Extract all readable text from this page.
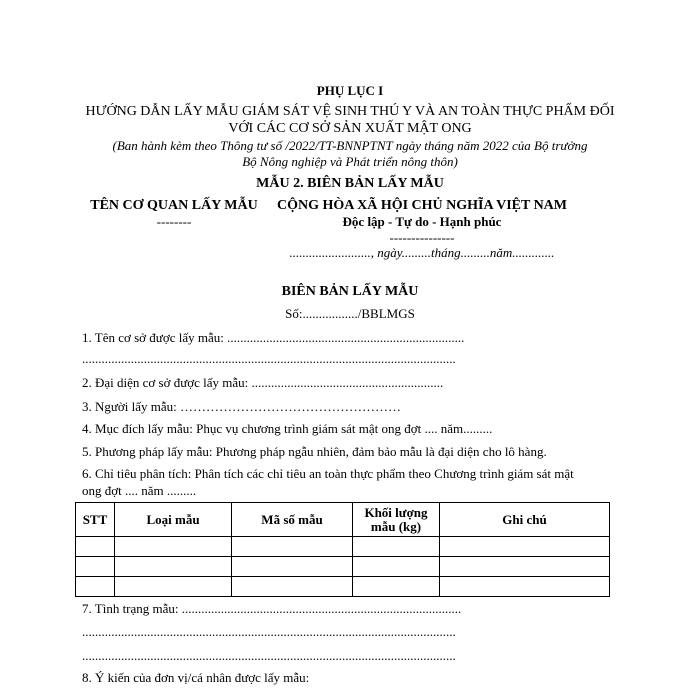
PHỤ LỤC I
HƯỚNG DẪN LẤY MẪU GIÁM SÁT VỆ SINH THÚ Y VÀ AN TOÀN THỰC PHẨM ĐỐI
VỚI CÁC CƠ SỞ SẢN XUẤT MẬT ONG
(Ban hành kèm theo Thông tư số /2022/TT-BNNPTNT ngày tháng năm 2022 của Bộ trưởng
Bộ Nông nghiệp và Phát triển nông thôn)
MẪU 2. BIÊN BẢN LẤY MẪU
TÊN CƠ QUAN LẤY MẪU
--------
CỘNG HÒA XÃ HỘI CHỦ NGHĨA VIỆT NAM
Độc lập - Tự do - Hạnh phúc
---------------
........................., ngày.........tháng.........năm.............
BIÊN BẢN LẤY MẪU
Số:................./BBLMGS
1. Tên cơ sở được lấy mẫu: .........................................................................
...................................................................................................................
2. Đại diện cơ sở được lấy mẫu: ...........................................................
3. Người lấy mẫu: ……………………………………………
4. Mục đích lấy mẫu: Phục vụ chương trình giám sát mật ong đợt .... năm.........
5. Phương pháp lấy mẫu: Phương pháp ngẫu nhiên, đảm bảo mẫu là đại diện cho lô hàng.
6. Chỉ tiêu phân tích: Phân tích các chỉ tiêu an toàn thực phẩm theo Chương trình giám sát mật
ong đợt .... năm .........
STT	Loại mẫu	Mã số mẫu	Khối lượng mẫu (kg)	Ghi chú

7. Tình trạng mẫu: ......................................................................................
...................................................................................................................
...................................................................................................................
8. Ý kiến của đơn vị/cá nhân được lấy mẫu:
